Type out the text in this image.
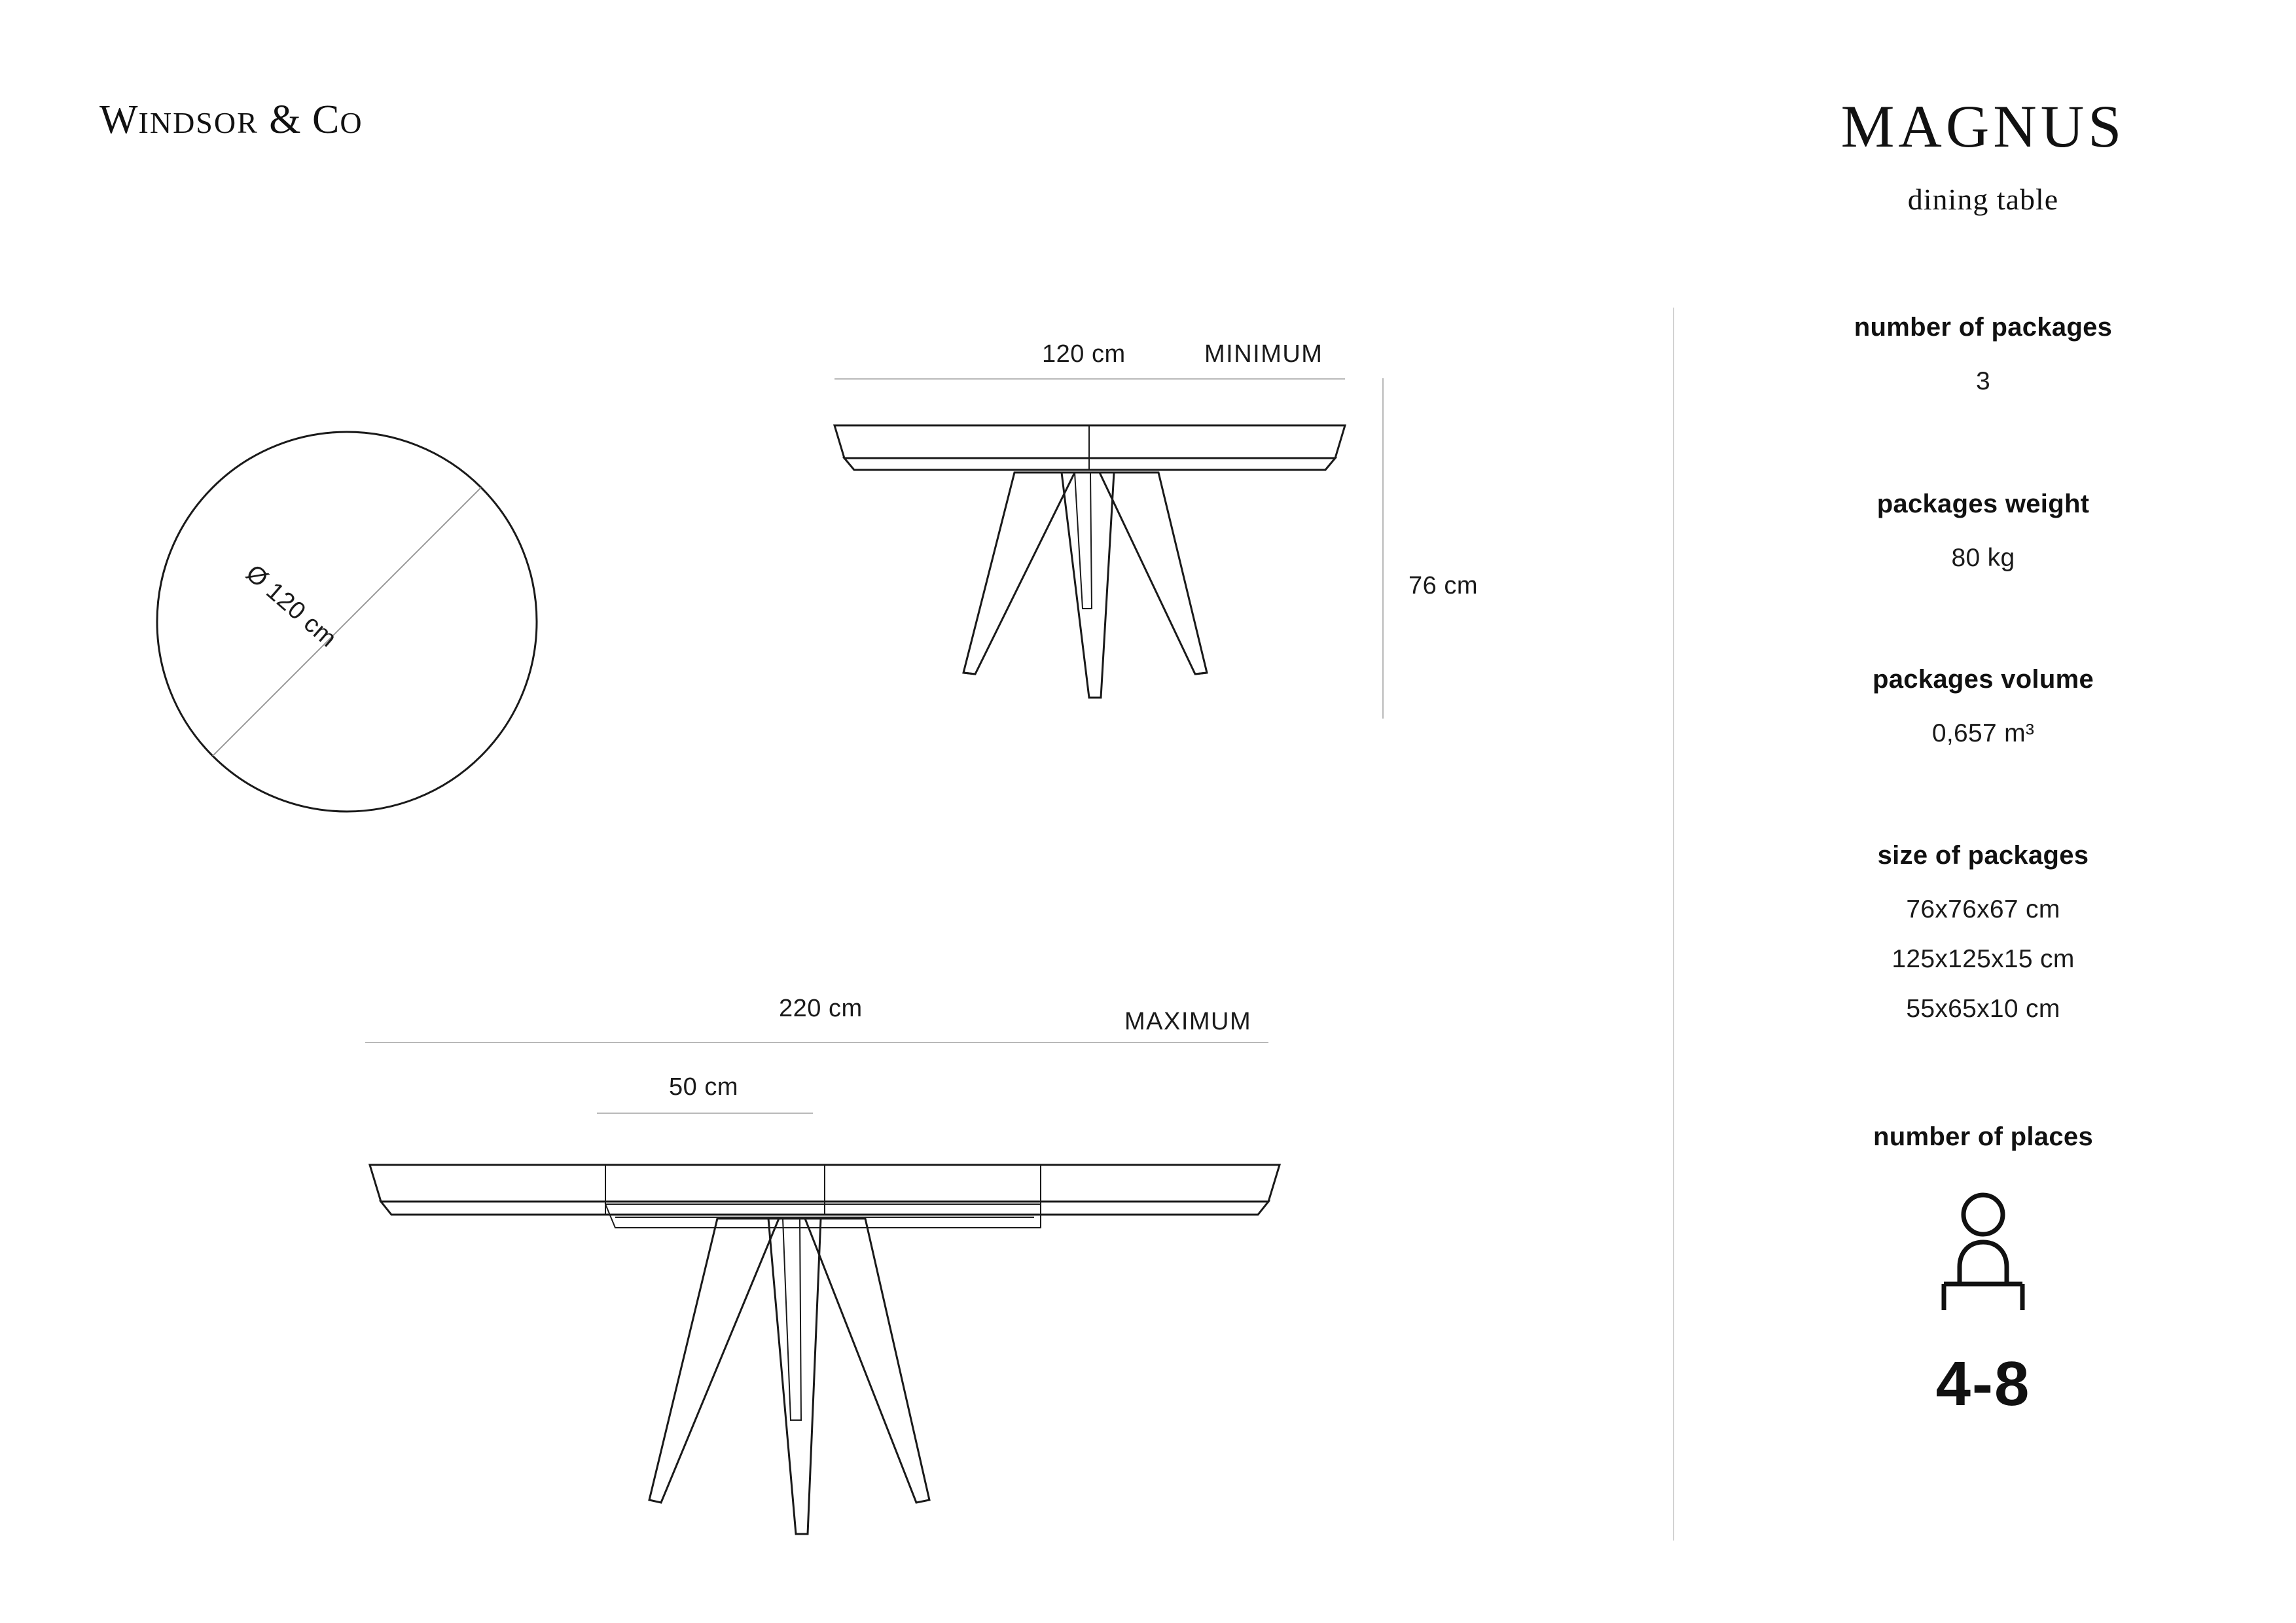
WINDSOR & CO	MAGNUS
dining table
number of packages
3
packages weight
80 kg
packages volume
0,657 m³
size of packages
76x76x67 cm
125x125x15 cm
55x65x10 cm
number of places
4-8
Ø 120 cm
120 cm	MINIMUM
76 cm
220 cm	MAXIMUM
50 cm
